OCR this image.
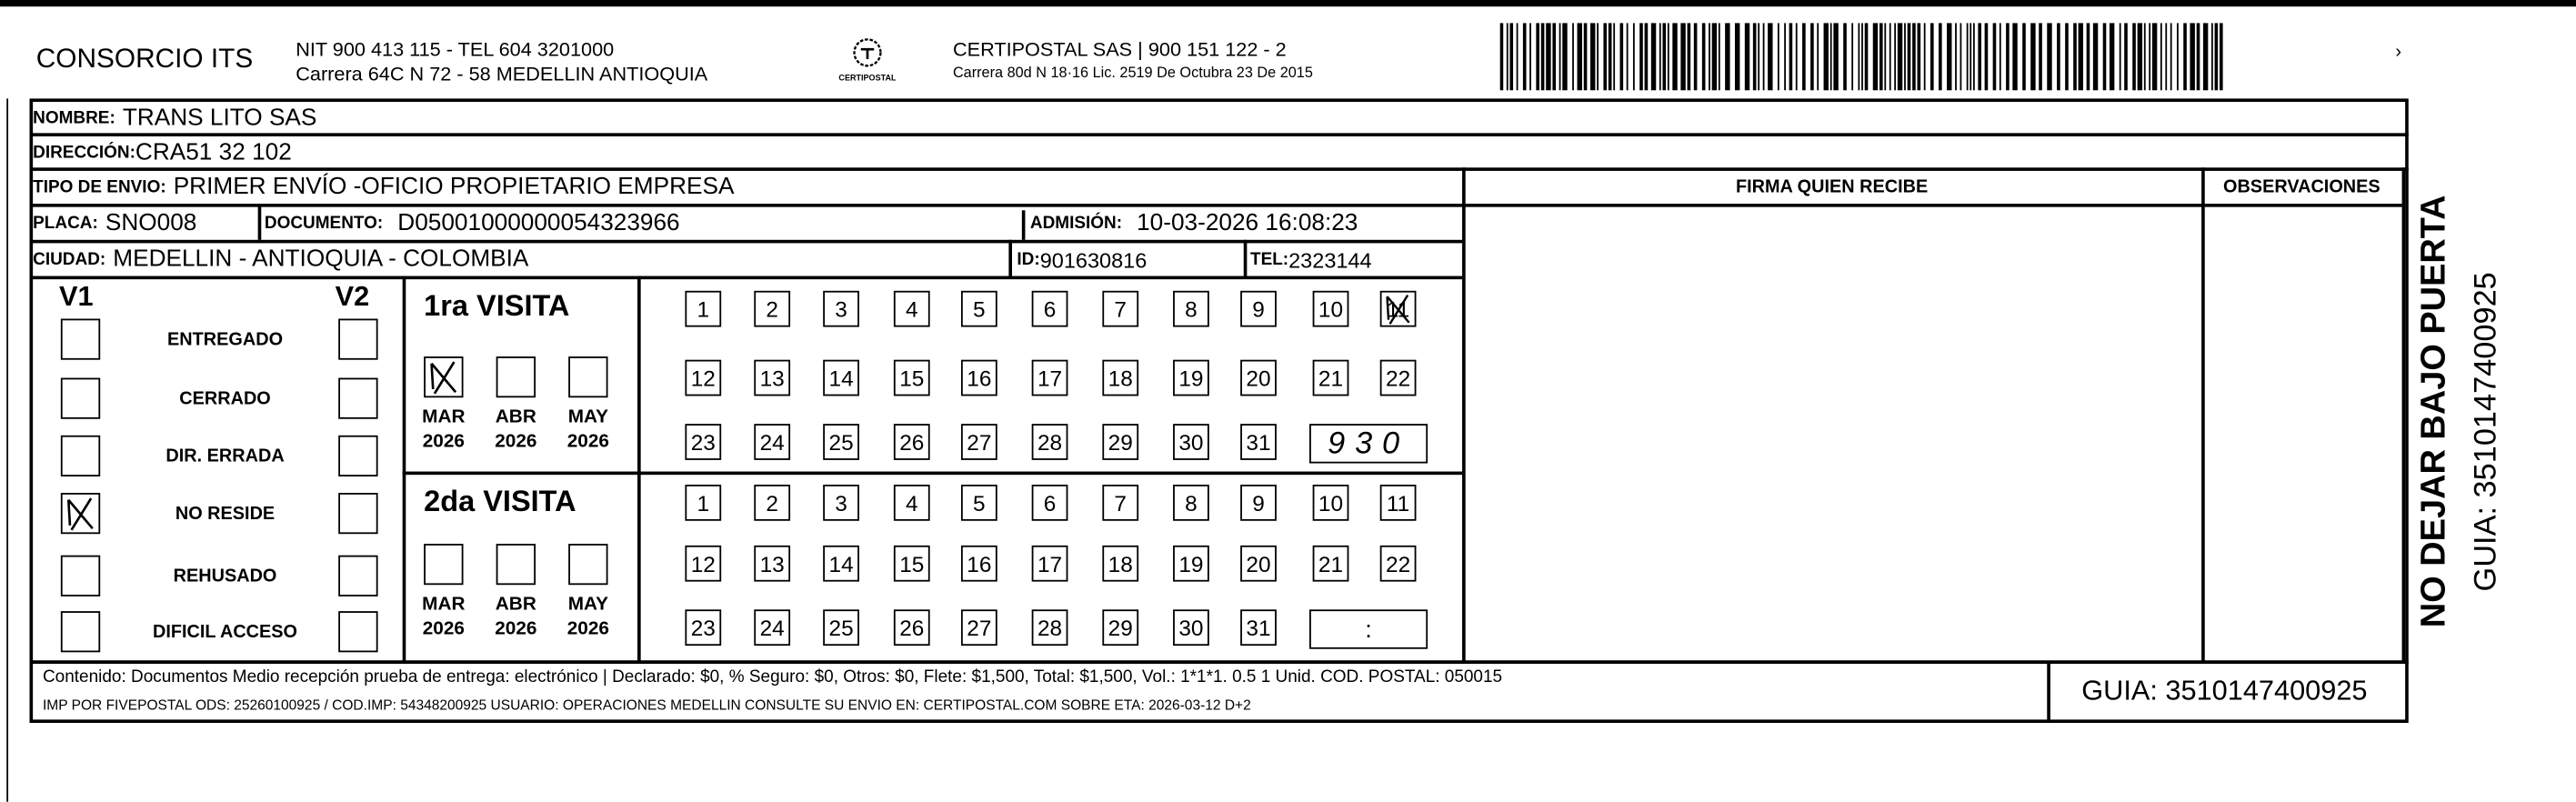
CONSORCIO ITS	NIT 900 413 115 - TEL 604 3201000
Carrera 64C N 72 - 58 MEDELLIN ANTIOQUIA	CERTIPOSTAL
CERTIPOSTAL SAS | 900 151 122 - 2
Carrera 80d N 18·16 Lic. 2519 De Octubra 23 De 2015
›
NOMBRE:
TRANS LITO SAS
DIRECCIÓN: CRA51 32 102
TIPO DE ENVIO:
PRIMER ENVÍO -OFICIO PROPIETARIO EMPRESA
PLACA:
SNO008	DOCUMENTO:
D05001000000054323966	ADMISIÓN:
10-03-2026 16:08:23
CIUDAD:
MEDELLIN - ANTIOQUIA - COLOMBIA	ID: 901630816	TEL: 2323144
FIRMA QUIEN RECIBE	OBSERVACIONES
V1	V2
ENTREGADO
CERRADO
DIR. ERRADA
NO RESIDE
REHUSADO
DIFICIL ACCESO
1ra VISITA
MAR
2026
ABR
2026
MAY
2026
1	2	3	4	5	6	7	8	9	10	11
12	13	14	15	16	17	18	19	20	21	22
23	24	25	26	27	28	29	30	31	930
2da VISITA
MAR
2026
ABR
2026
MAY
2026
1	2	3	4	5	6	7	8	9	10	11
12	13	14	15	16	17	18	19	20	21	22
23	24	25	26	27	28	29	30	31	:
Contenido: Documentos Medio recepción prueba de entrega: electrónico | Declarado: $0, % Seguro: $0, Otros: $0, Flete: $1,500, Total: $1,500, Vol.: 1*1*1. 0.5 1 Unid. COD. POSTAL: 050015
IMP POR FIVEPOSTAL ODS: 25260100925 / COD.IMP: 54348200925 USUARIO: OPERACIONES MEDELLIN CONSULTE SU ENVIO EN: CERTIPOSTAL.COM SOBRE ETA: 2026-03-12 D+2	GUIA: 3510147400925
NO DEJAR BAJO PUERTA GUIA: 3510147400925
